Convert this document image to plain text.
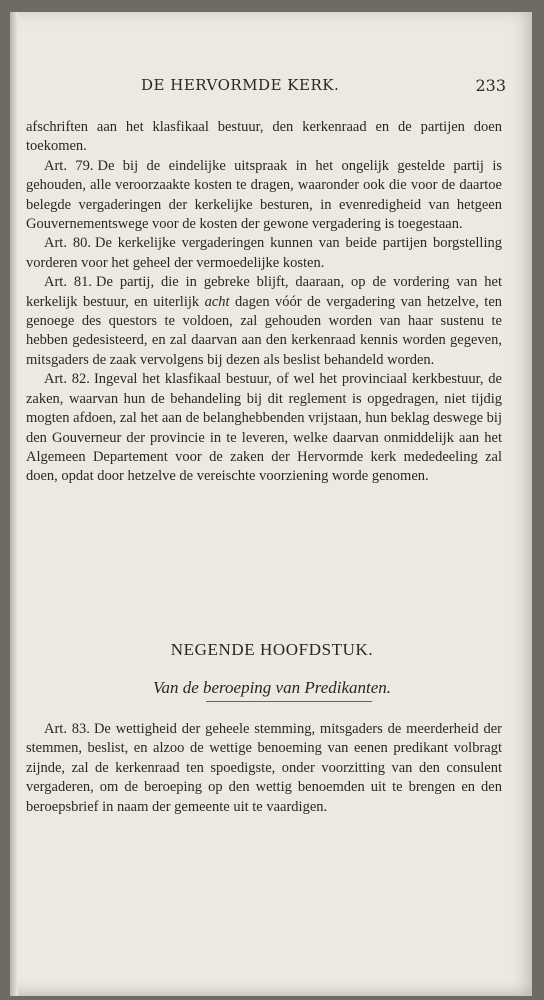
DE HERVORMDE KERK.	233

afschriften aan het klasfikaal bestuur, den kerkenraad en de partijen doen toekomen.

Art. 79. De bij de eindelijke uitspraak in het ongelijk gestelde partij is gehouden, alle veroorzaakte kosten te dragen, waaronder ook die voor de daartoe belegde vergaderingen der kerkelijke besturen, in evenredigheid van hetgeen Gouvernementswege voor de kosten der gewone vergadering is toegestaan.

Art. 80. De kerkelijke vergaderingen kunnen van beide partijen borgstelling vorderen voor het geheel der vermoedelijke kosten.

Art. 81. De partij, die in gebreke blijft, daaraan, op de vordering van het kerkelijk bestuur, en uiterlijk acht dagen vóór de vergadering van hetzelve, ten genoege des questors te voldoen, zal gehouden worden van haar sustenu te hebben gedesisteerd, en zal daarvan aan den kerkenraad kennis worden gegeven, mitsgaders de zaak vervolgens bij dezen als beslist behandeld worden.

Art. 82. Ingeval het klasfikaal bestuur, of wel het provinciaal kerkbestuur, de zaken, waarvan hun de behandeling bij dit reglement is opgedragen, niet tijdig mogten afdoen, zal het aan de belanghebbenden vrijstaan, hun beklag deswege bij den Gouverneur der provincie in te leveren, welke daarvan onmiddelijk aan het Algemeen Departement voor de zaken der Hervormde kerk mededeeling zal doen, opdat door hetzelve de vereischte voorziening worde genomen.

NEGENDE HOOFDSTUK.
Van de beroeping van Predikanten.

Art. 83. De wettigheid der geheele stemming, mitsgaders de meerderheid der stemmen, beslist, en alzoo de wettige benoeming van eenen predikant volbragt zijnde, zal de kerkenraad ten spoedigste, onder voorzitting van den consulent vergaderen, om de beroeping op den wettig benoemden uit te brengen en den beroepsbrief in naam der gemeente uit te vaardigen.
